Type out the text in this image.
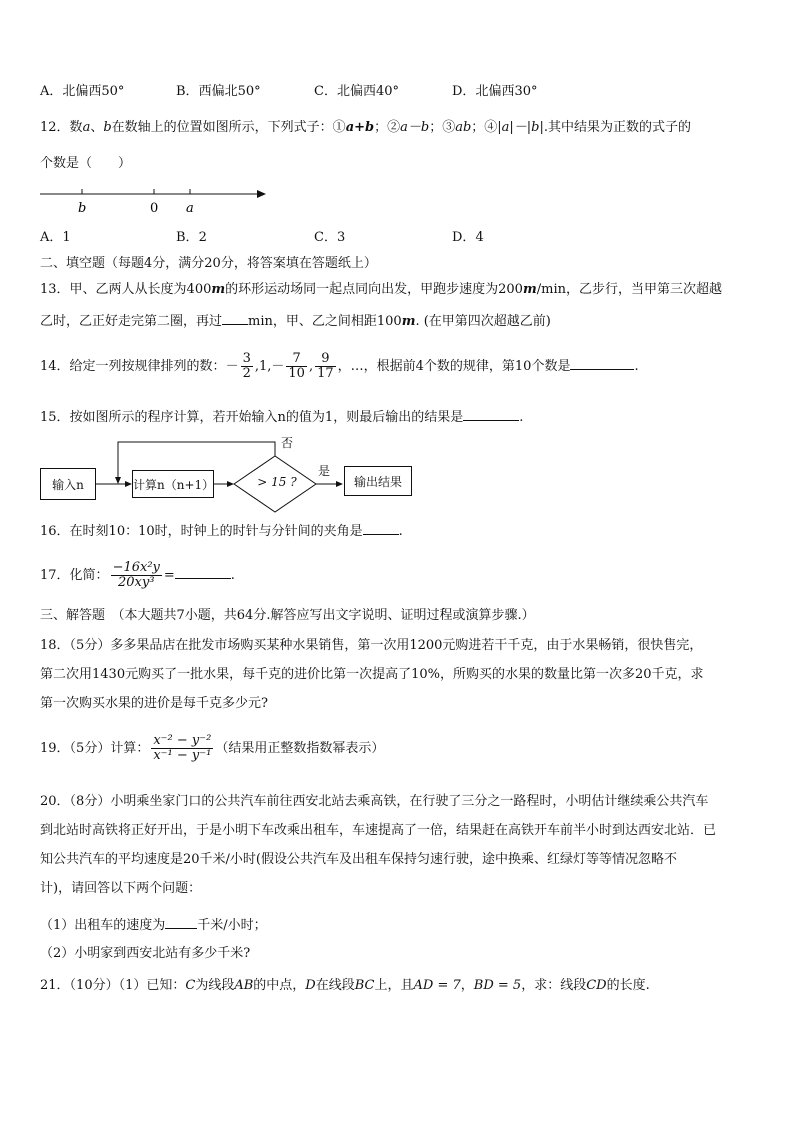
A．北偏西50°	B．西偏北50°	C．北偏西40°	D．北偏西30°
12．数a、b在数轴上的位置如图所示，下列式子：①a+b；②a－b；③ab；④|a|－|b|.其中结果为正数的式子的
个数是（　　）
b	0 a
A．1	B．2	C．3	D．4
二、填空题（每题4分，满分20分，将答案填在答题纸上）
13．甲、乙两人从长度为400m的环形运动场同一起点同向出发，甲跑步速度为200m/min，乙步行，当甲第三次超越
乙时，乙正好走完第二圈，再过 min，甲、乙之间相距100m. (在甲第四次超越乙前)
14．给定一列按规律排列的数：－ $\frac{3}{2} ,1,- \frac{7}{10}$ , $\frac{9}{17}$ ，…，根据前4个数的规律，第10个数是	.
15．按如图所示的程序计算，若开始输入n的值为1，则最后输出的结果是	.
输入n	计算n（n+1）	> 15 ?
否
是
输出结果
16．在时刻10：10时，时钟上的时针与分针间的夹角是	.
17．化简： $\frac{\text{−16x²y}}{\text{20xy³}}$ =	.
三、解答题　（本大题共7小题，共64分.解答应写出文字说明、证明过程或演算步骤.）
18．（5分）多多果品店在批发市场购买某种水果销售，第一次用1200元购进若干千克，由于水果畅销，很快售完，
第二次用1430元购买了一批水果，每千克的进价比第一次提高了10%，所购买的水果的数量比第一次多20千克，求
第一次购买水果的进价是每千克多少元?
19．（5分）计算： $\frac{\text{x⁻² − y⁻²}}{\text{x⁻¹ − y⁻¹}}$ （结果用正整数指数幂表示）
20．（8分）小明乘坐家门口的公共汽车前往西安北站去乘高铁，在行驶了三分之一路程时，小明估计继续乘公共汽车
到北站时高铁将正好开出，于是小明下车改乘出租车，车速提高了一倍，结果赶在高铁开车前半小时到达西安北站．已
知公共汽车的平均速度是20千米/小时(假设公共汽车及出租车保持匀速行驶，途中换乘、红绿灯等等情况忽略不
计)，请回答以下两个问题：
（1）出租车的速度为 千米/小时；
（2）小明家到西安北站有多少千米?
21．（10分）（1）已知：C为线段AB的中点，D在线段BC上，且AD = 7，BD = 5，求：线段CD的长度.
